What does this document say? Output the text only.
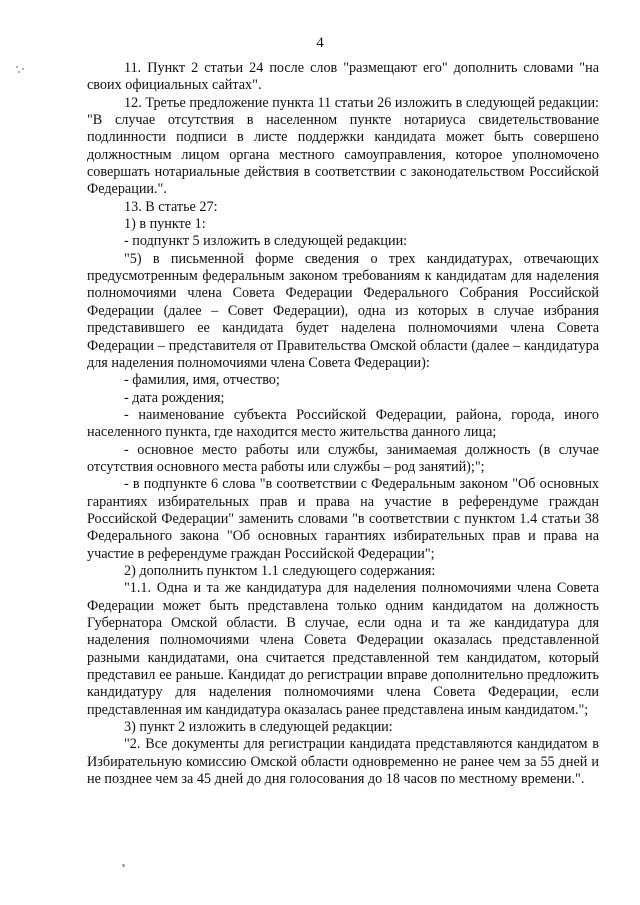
4

11. Пункт 2 статьи 24 после слов "размещают его" дополнить словами "на своих официальных сайтах".

12. Третье предложение пункта 11 статьи 26 изложить в следующей редакции: "В случае отсутствия в населенном пункте нотариуса свидетельствование подлинности подписи в листе поддержки кандидата может быть совершено должностным лицом органа местного самоуправления, которое уполномочено совершать нотариальные действия в соответствии с законодательством Российской Федерации.".

13. В статье 27:

1) в пункте 1:

- подпункт 5 изложить в следующей редакции:

"5) в письменной форме сведения о трех кандидатурах, отвечающих предусмотренным федеральным законом требованиям к кандидатам для наделения полномочиями члена Совета Федерации Федерального Собрания Российской Федерации (далее – Совет Федерации), одна из которых в случае избрания представившего ее кандидата будет наделена полномочиями члена Совета Федерации – представителя от Правительства Омской области (далее – кандидатура для наделения полномочиями члена Совета Федерации):

- фамилия, имя, отчество;

- дата рождения;

- наименование субъекта Российской Федерации, района, города, иного населенного пункта, где находится место жительства данного лица;

- основное место работы или службы, занимаемая должность (в случае отсутствия основного места работы или службы – род занятий);";

- в подпункте 6 слова "в соответствии с Федеральным законом "Об основных гарантиях избирательных прав и права на участие в референдуме граждан Российской Федерации" заменить словами "в соответствии с пунктом 1.4 статьи 38 Федерального закона "Об основных гарантиях избирательных прав и права на участие в референдуме граждан Российской Федерации";

2) дополнить пунктом 1.1 следующего содержания:

"1.1. Одна и та же кандидатура для наделения полномочиями члена Совета Федерации может быть представлена только одним кандидатом на должность Губернатора Омской области. В случае, если одна и та же кандидатура для наделения полномочиями члена Совета Федерации оказалась представленной разными кандидатами, она считается представленной тем кандидатом, который представил ее раньше. Кандидат до регистрации вправе дополнительно предложить кандидатуру для наделения полномочиями члена Совета Федерации, если представленная им кандидатура оказалась ранее представлена иным кандидатом.";

3) пункт 2 изложить в следующей редакции:

"2. Все документы для регистрации кандидата представляются кандидатом в Избирательную комиссию Омской области одновременно не ранее чем за 55 дней и не позднее чем за 45 дней до дня голосования до 18 часов по местному времени.".
